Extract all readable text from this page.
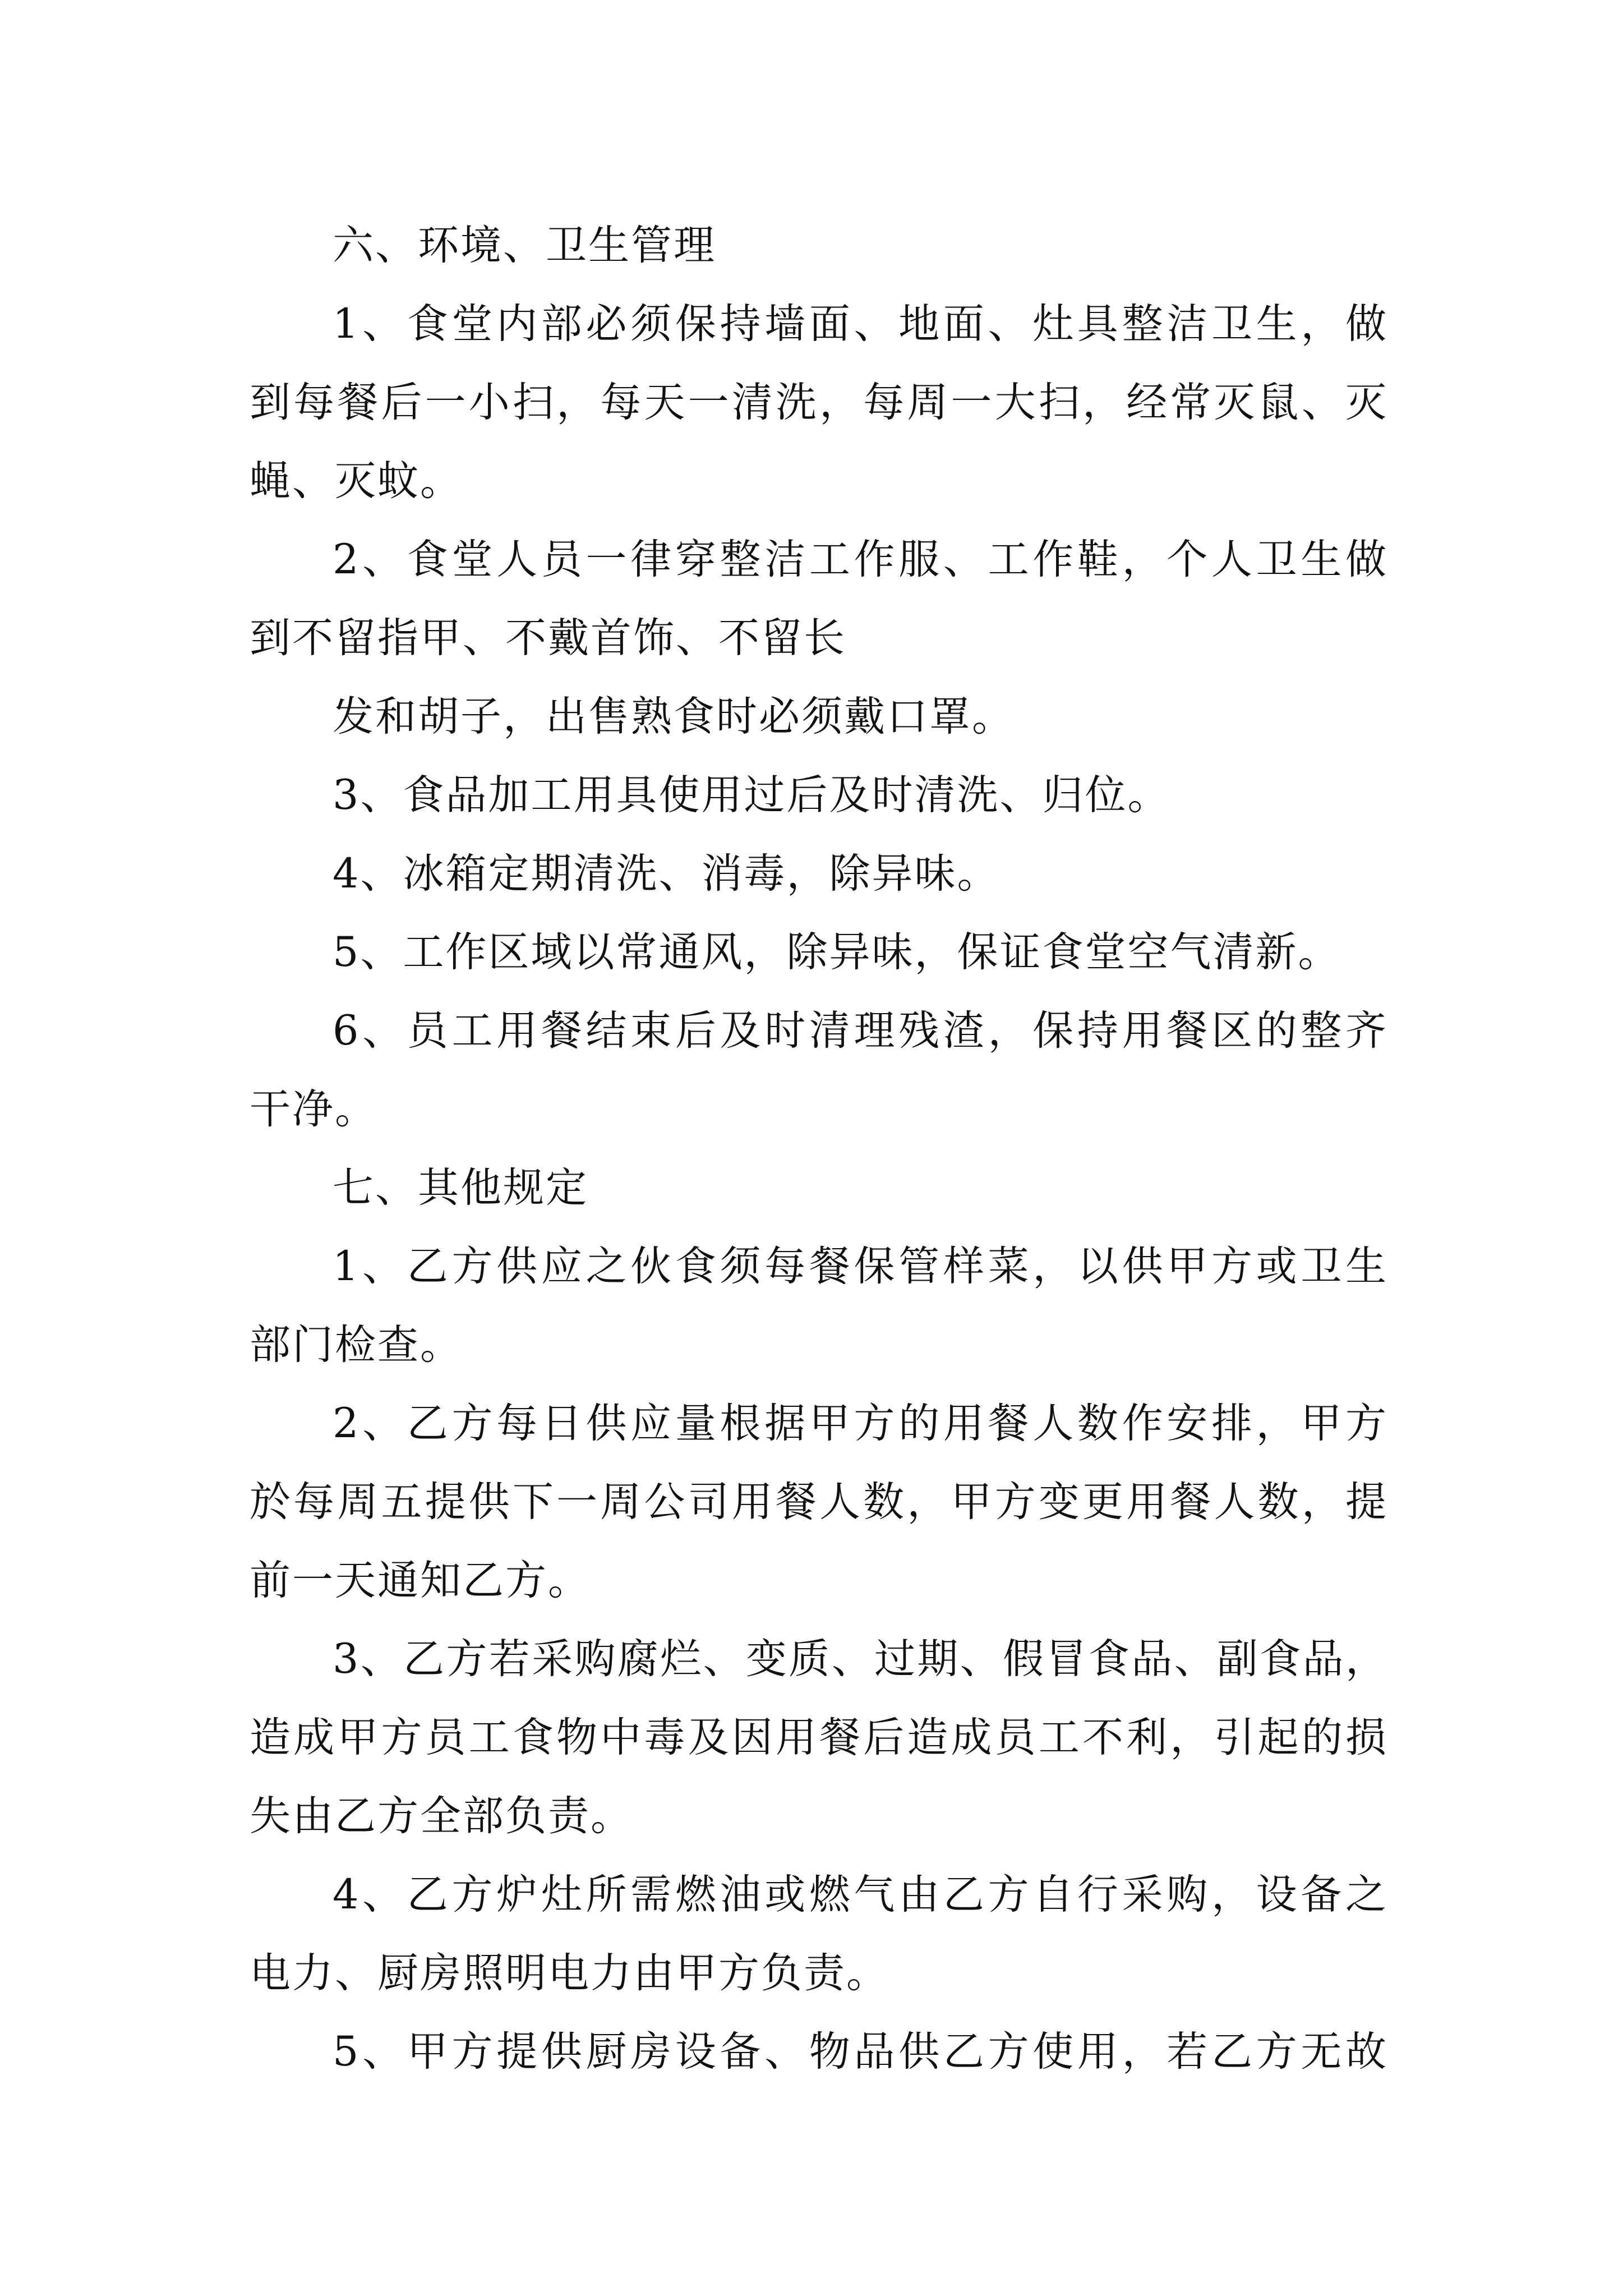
六、环境、卫生管理
1、食堂内部必须保持墙面、地面、灶具整洁卫生，做
到每餐后一小扫，每天一清洗，每周一大扫，经常灭鼠、灭
蝇、灭蚊。
2、食堂人员一律穿整洁工作服、工作鞋，个人卫生做
到不留指甲、不戴首饰、不留长
发和胡子，出售熟食时必须戴口罩。
3、食品加工用具使用过后及时清洗、归位。
4、冰箱定期清洗、消毒，除异味。
5、工作区域以常通风，除异味，保证食堂空气清新。
6、员工用餐结束后及时清理残渣，保持用餐区的整齐
干净。
七、其他规定
1、乙方供应之伙食须每餐保管样菜，以供甲方或卫生
部门检查。
2、乙方每日供应量根据甲方的用餐人数作安排，甲方
於每周五提供下一周公司用餐人数，甲方变更用餐人数，提
前一天通知乙方。
3、乙方若采购腐烂、变质、过期、假冒食品、副食品，
造成甲方员工食物中毒及因用餐后造成员工不利，引起的损
失由乙方全部负责。
4、乙方炉灶所需燃油或燃气由乙方自行采购，设备之
电力、厨房照明电力由甲方负责。
5、甲方提供厨房设备、物品供乙方使用，若乙方无故
